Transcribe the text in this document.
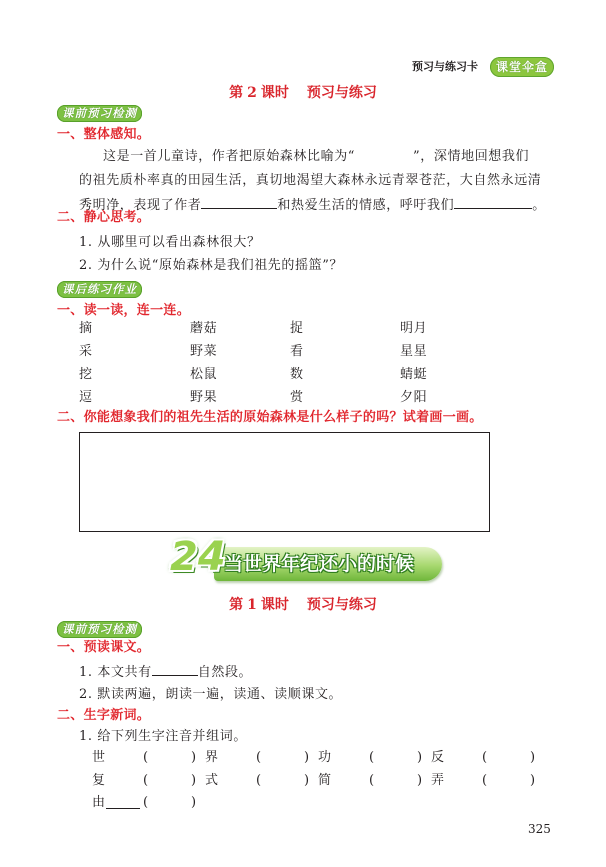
预习与练习卡	课堂伞盒
第 2 课时 预习与练习
课前预习检测
一、整体感知。
这是一首儿童诗，作者把原始森林比喻为“	”，深情地回想我们
的祖先质朴率真的田园生活，真切地渴望大森林永远青翠苍茫，大自然永远清
秀明净，表现了作者	和热爱生活的情感，呼吁我们	。
二、静心思考。
1. 从哪里可以看出森林很大？
2. 为什么说“原始森林是我们祖先的摇篮”？
课后练习作业
一、读一读，连一连。
摘	蘑菇	捉	明月
采	野菜	看	星星
挖	松鼠	数	蜻蜓
逗	野果	赏	夕阳
二、你能想象我们的祖先生活的原始森林是什么样子的吗？试着画一画。
当世界年纪还小的时候
24
第 1 课时 预习与练习
课前预习检测
一、预读课文。
1. 本文共有	自然段。
2. 默读两遍，朗读一遍，读通、读顺课文。
二、生字新词。
1. 给下列生字注音并组词。
世	(	) 界	(	) 功	(	) 反	(	)
复	(	) 式	(	) 简	(	) 弄	(	)
由	(	)
325
